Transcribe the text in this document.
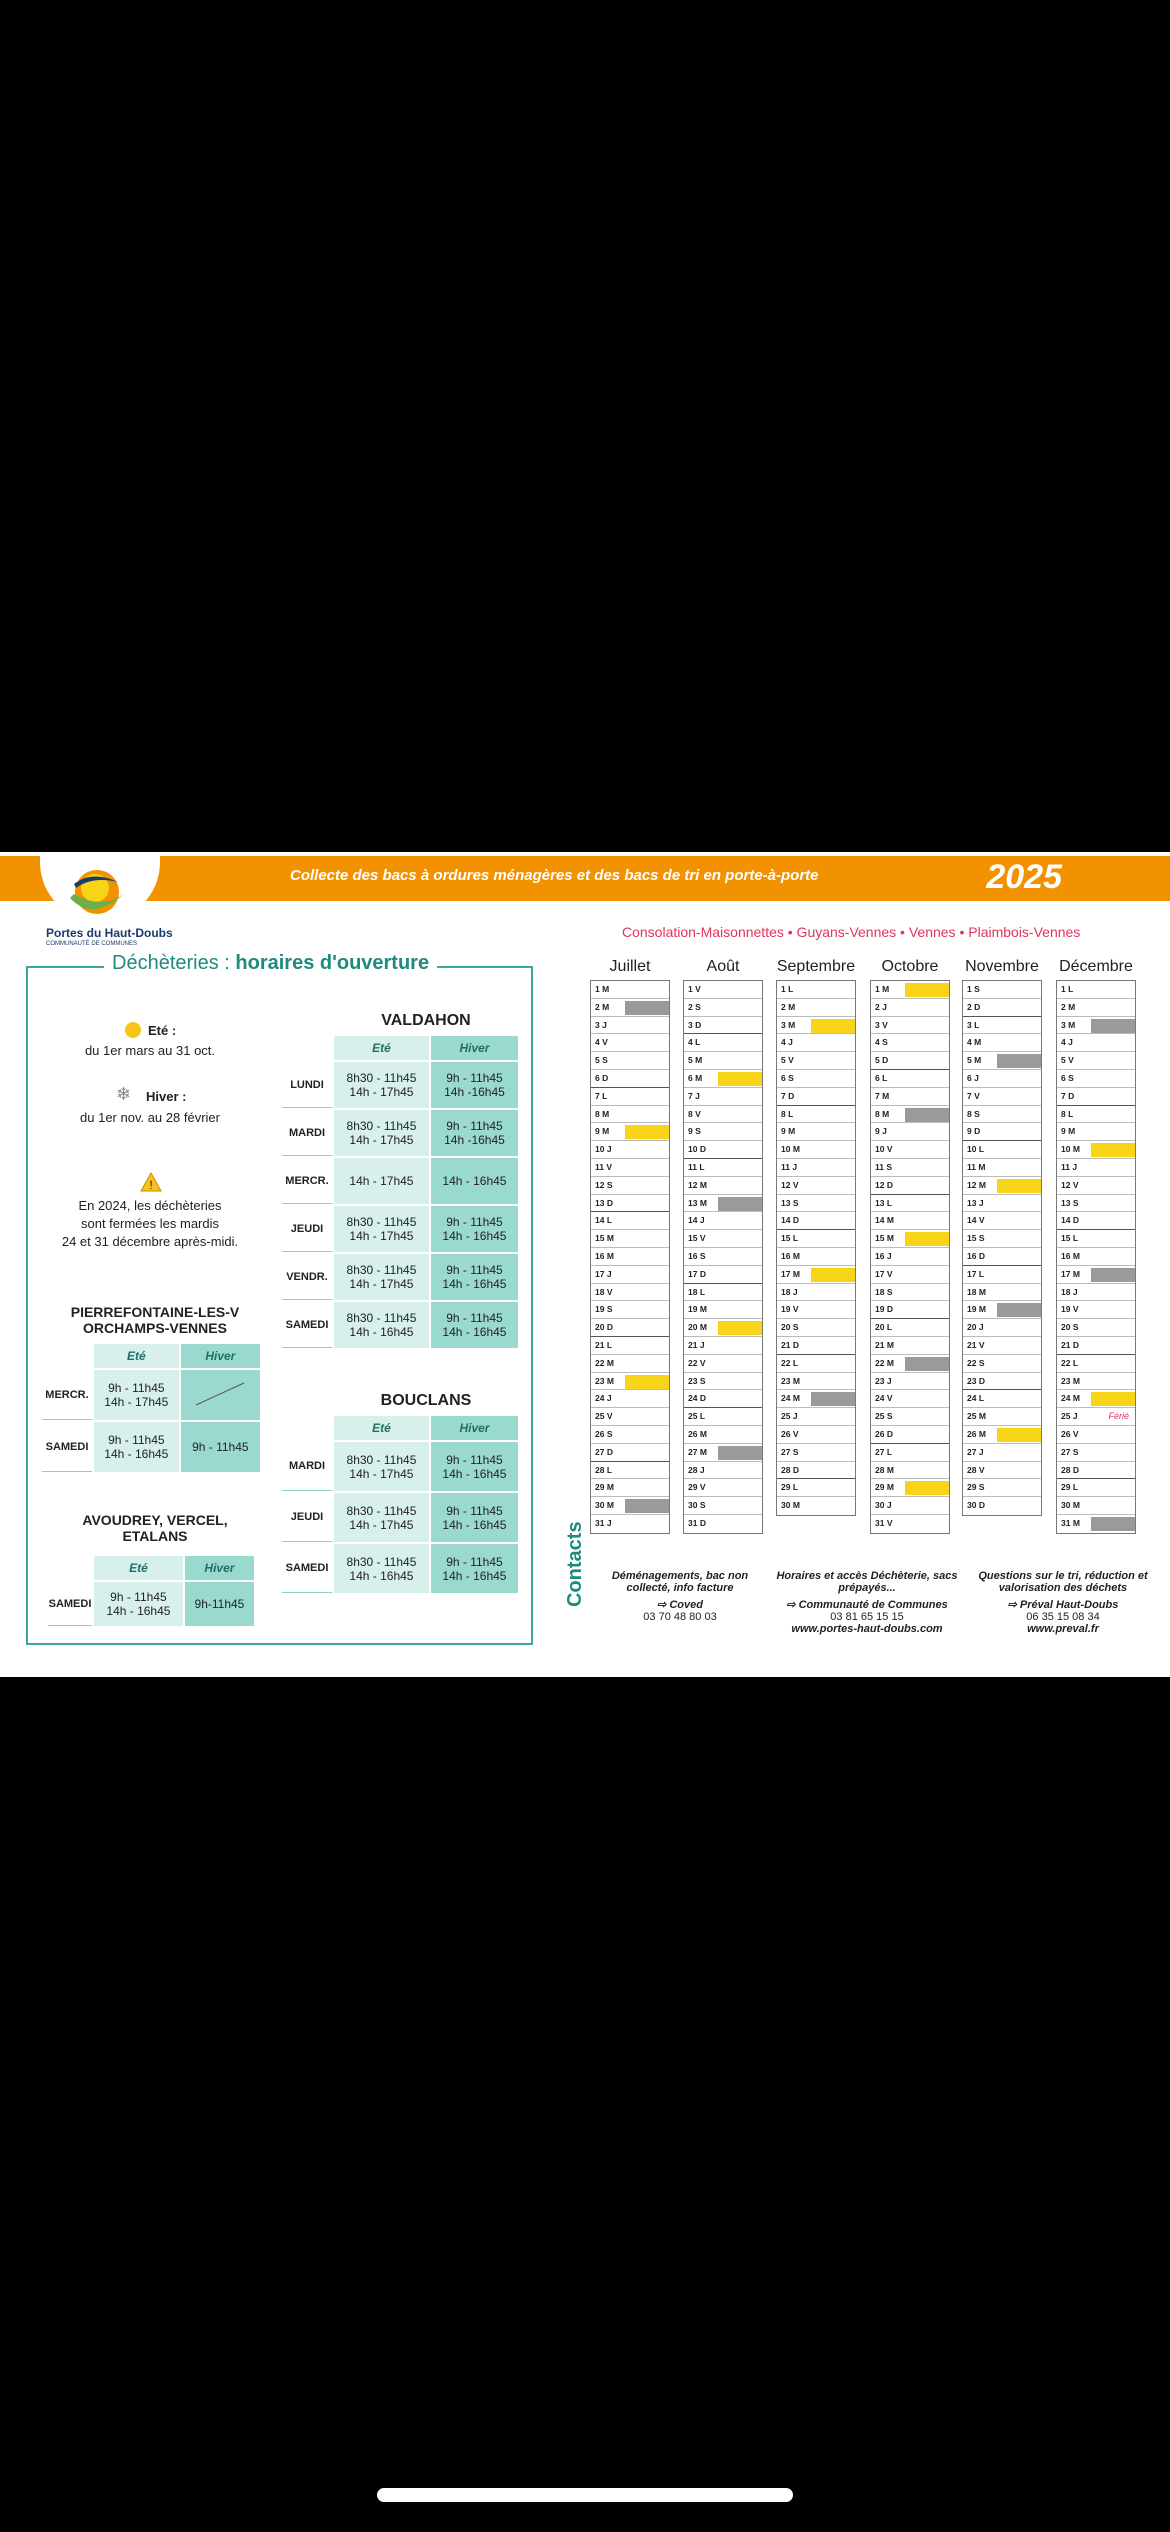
Collecte des bacs à ordures ménagères et des bacs de tri en porte-à-porte	2025
Portes du Haut-Doubs
COMMUNAUTÉ DE COMMUNES
Consolation-Maisonnettes • Guyans-Vennes • Vennes • Plaimbois-Vennes
Déchèteries : horaires d'ouverture
Eté :
du 1er mars au 31 oct.
❄ Hiver :
du 1er nov. au 28 février
!
En 2024, les déchèteries
sont fermées les mardis
24 et 31 décembre après-midi.
VALDAHON
	Eté	Hiver
LUNDI	8h30 - 11h45
14h - 17h45	9h - 11h45
14h -16h45
MARDI	8h30 - 11h45
14h - 17h45	9h - 11h45
14h -16h45
MERCR.	14h - 17h45	14h - 16h45
JEUDI	8h30 - 11h45
14h - 17h45	9h - 11h45
14h - 16h45
VENDR.	8h30 - 11h45
14h - 17h45	9h - 11h45
14h - 16h45
SAMEDI	8h30 - 11h45
14h - 16h45	9h - 11h45
14h - 16h45
BOUCLANS
	Eté	Hiver
MARDI	8h30 - 11h45
14h - 17h45	9h - 11h45
14h - 16h45
JEUDI	8h30 - 11h45
14h - 17h45	9h - 11h45
14h - 16h45
SAMEDI	8h30 - 11h45
14h - 16h45	9h - 11h45
14h - 16h45
PIERREFONTAINE-LES-V
ORCHAMPS-VENNES
	Eté	Hiver
MERCR.	9h - 11h45
14h - 17h45	
SAMEDI	9h - 11h45
14h - 16h45	9h - 11h45
AVOUDREY, VERCEL,
ETALANS
	Eté	Hiver
SAMEDI	9h - 11h45
14h - 16h45	9h-11h45
Juillet
1 M
2 M
3 J
4 V
5 S
6 D
7 L
8 M
9 M
10 J
11 V
12 S
13 D
14 L
15 M
16 M
17 J
18 V
19 S
20 D
21 L
22 M
23 M
24 J
25 V
26 S
27 D
28 L
29 M
30 M
31 J
Août
1 V
2 S
3 D
4 L
5 M
6 M
7 J
8 V
9 S
10 D
11 L
12 M
13 M
14 J
15 V
16 S
17 D
18 L
19 M
20 M
21 J
22 V
23 S
24 D
25 L
26 M
27 M
28 J
29 V
30 S
31 D
Septembre
1 L
2 M
3 M
4 J
5 V
6 S
7 D
8 L
9 M
10 M
11 J
12 V
13 S
14 D
15 L
16 M
17 M
18 J
19 V
20 S
21 D
22 L
23 M
24 M
25 J
26 V
27 S
28 D
29 L
30 M
Octobre
1 M
2 J
3 V
4 S
5 D
6 L
7 M
8 M
9 J
10 V
11 S
12 D
13 L
14 M
15 M
16 J
17 V
18 S
19 D
20 L
21 M
22 M
23 J
24 V
25 S
26 D
27 L
28 M
29 M
30 J
31 V
Novembre
1 S
2 D
3 L
4 M
5 M
6 J
7 V
8 S
9 D
10 L
11 M
12 M
13 J
14 V
15 S
16 D
17 L
18 M
19 M
20 J
21 V
22 S
23 D
24 L
25 M
26 M
27 J
28 V
29 S
30 D
Décembre
1 L
2 M
3 M
4 J
5 V
6 S
7 D
8 L
9 M
10 M
11 J
12 V
13 S
14 D
15 L
16 M
17 M
18 J
19 V
20 S
21 D
22 L
23 M
24 M
25 J	Férié
26 V
27 S
28 D
29 L
30 M
31 M
Contacts Déménagements, bac non collecté, info facture
⇨ Coved
03 70 48 80 03
Horaires et accès Déchèterie, sacs prépayés...
⇨ Communauté de Communes
03 81 65 15 15
www.portes-haut-doubs.com
Questions sur le tri, réduction et valorisation des déchets
⇨ Préval Haut-Doubs
06 35 15 08 34
www.preval.fr
